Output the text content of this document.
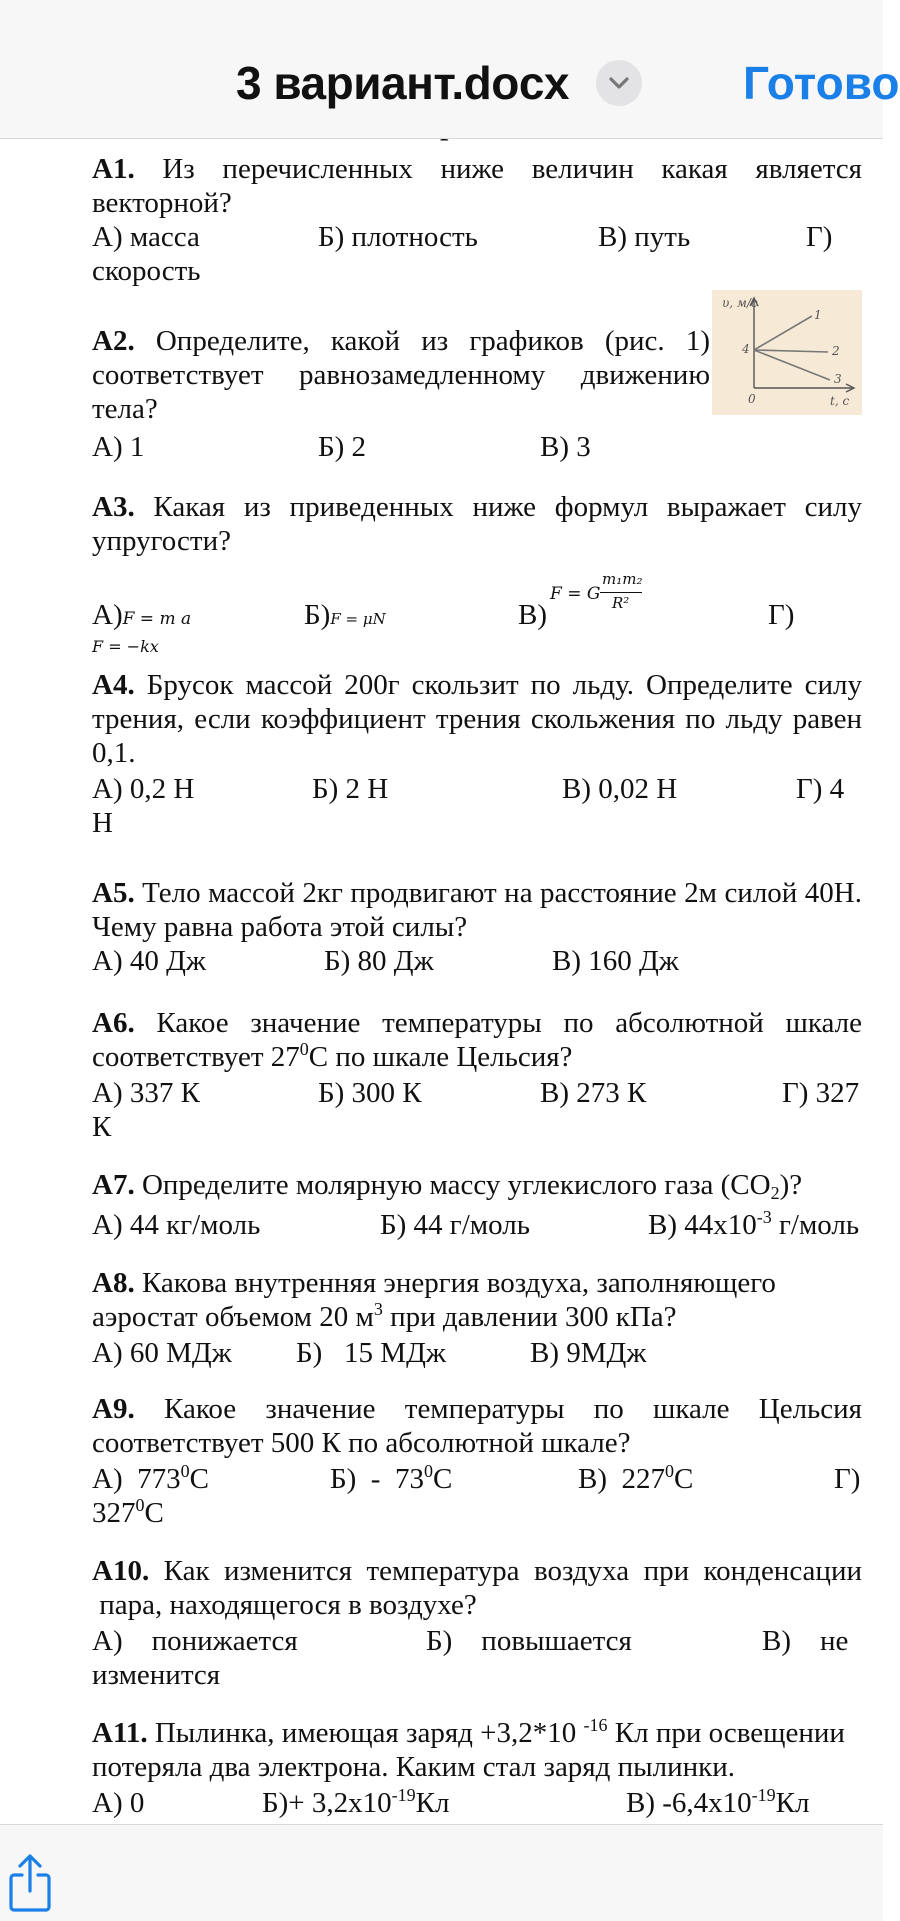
3 вариант.docx	Готово
А1. Из перечисленных ниже величин какая является векторной?
А) масса	Б) плотность	В) путь	Г)
скорость
А2. Определите, какой из графиков (рис. 1)
соответствует равнозамедленному движению
тела?
А) 1	Б) 2	В) 3
υ, м/с
t, с
4
0
1
2
3
А3. Какая из приведенных ниже формул выражает силу упругости?
А)F = m a	Б)F = μN	В)
F = G
m₁m₂
R²	Г)
F = −kx
А4. Брусок массой 200г скользит по льду. Определите силу трения, если коэффициент трения скольжения по льду равен 0,1.
А) 0,2 Н	Б) 2 Н	В) 0,02 Н	Г) 4
Н
А5. Тело массой 2кг продвигают на расстояние 2м силой 40Н. Чему равна работа этой силы?
А) 40 Дж	Б) 80 Дж	В) 160 Дж
А6. Какое значение температуры по абсолютной шкале
соответствует $27^0С$ по шкале Цельсия?
А) 337 К	Б) 300 К	В) 273 К	Г) 327
К
А7. Определите молярную массу углекислого газа (СО2)?
А) 44 кг/моль	Б) 44 г/моль	В) $44х10^{-3}$ г/моль
А8. Какова внутренняя энергия воздуха, заполняющего
аэростат объемом 20 $м^3$ при давлении 300 кПа?
А) 60 МДж Б)   15 МДж	В) 9МДж
А9. Какое значение температуры по шкале Цельсия
соответствует 500 К по абсолютной шкале?
А)  $773^0С$	$Б) - 73^0С$	В)  $227^0С$	Г)
$327^0С$
А10. Как изменится температура воздуха при конденсации
пара, находящегося в воздухе?
А)    понижается	Б)    повышается	В)    не
изменится
А11. Пылинка, имеющая заряд +3,2*10 $^{-16}$ Кл при освещении
потеряла два электрона. Каким стал заряд пылинки.
А) 0	$Б)+ 3,2х10^{-19}Кл$	В) $-6,4х10^{-19}Кл$
